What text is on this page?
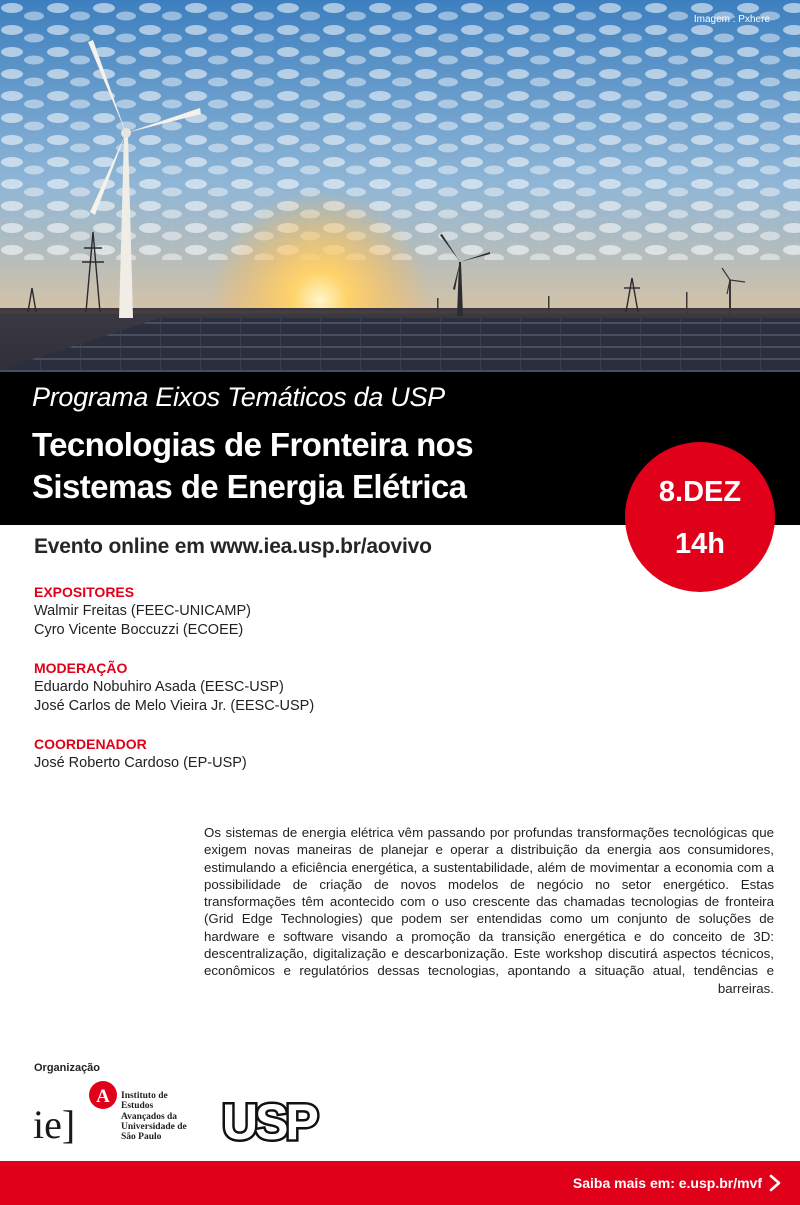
Imagem : Pxhere
Programa Eixos Temáticos da USP
Tecnologias de Fronteira nos
Sistemas de Energia Elétrica	8.DEZ
14h
Evento online em www.iea.usp.br/aovivo
EXPOSITORES
Walmir Freitas (FEEC-UNICAMP)
Cyro Vicente Boccuzzi (ECOEE)
MODERAÇÃO
Eduardo Nobuhiro Asada (EESC-USP)
José Carlos de Melo Vieira Jr. (EESC-USP)
COORDENADOR
José Roberto Cardoso (EP-USP)
Os sistemas de energia elétrica vêm passando por profundas transformações tecnológicas que exigem novas maneiras de planejar e operar a distribuição da energia aos consumidores, estimulando a eficiência energética, a sustentabilidade, além de movimentar a economia com a possibilidade de criação de novos modelos de negócio no setor energético. Estas transformações têm acontecido com o uso crescente das chamadas tecnologias de fronteira (Grid Edge Technologies) que podem ser entendidas como um conjunto de soluções de hardware e software visando a promoção da transição energética e do conceito de 3D: descentralização, digitalização e descarbonização. Este workshop discutirá aspectos técnicos, econômicos e regulatórios dessas tecnologias, apontando a situação atual, tendências e barreiras.
Organização
ie]
A Instituto de
Estudos
Avançados da
Universidade de
São Paulo	USP
Saiba mais em: e.usp.br/mvf
